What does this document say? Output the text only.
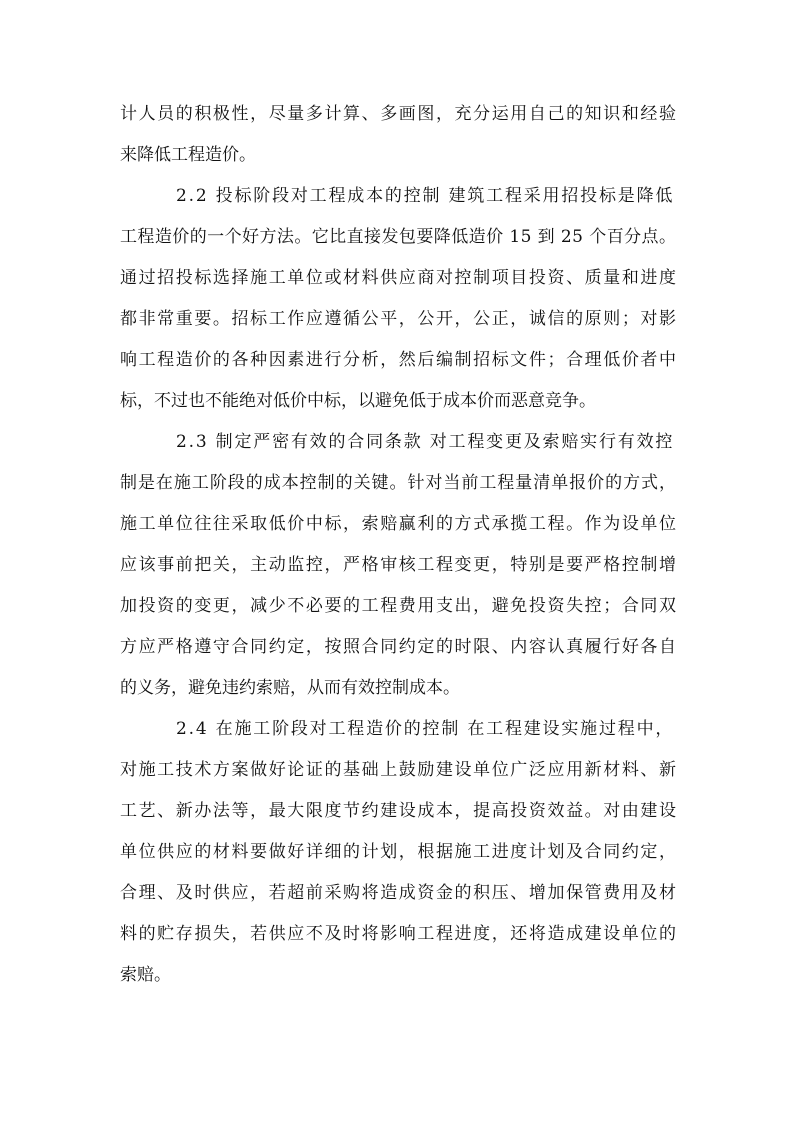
计人员的积极性，尽量多计算、多画图，充分运用自己的知识和经验
来降低工程造价。
2.2 投标阶段对工程成本的控制 建筑工程采用招投标是降低
工程造价的一个好方法。它比直接发包要降低造价 15 到 25 个百分点。
通过招投标选择施工单位或材料供应商对控制项目投资、质量和进度
都非常重要。招标工作应遵循公平，公开，公正，诚信的原则；对影
响工程造价的各种因素进行分析，然后编制招标文件；合理低价者中
标，不过也不能绝对低价中标，以避免低于成本价而恶意竞争。
2.3 制定严密有效的合同条款 对工程变更及索赔实行有效控
制是在施工阶段的成本控制的关键。针对当前工程量清单报价的方式，
施工单位往往采取低价中标，索赔赢利的方式承揽工程。作为设单位
应该事前把关，主动监控，严格审核工程变更，特别是要严格控制增
加投资的变更，减少不必要的工程费用支出，避免投资失控；合同双
方应严格遵守合同约定，按照合同约定的时限、内容认真履行好各自
的义务，避免违约索赔，从而有效控制成本。
2.4 在施工阶段对工程造价的控制 在工程建设实施过程中，
对施工技术方案做好论证的基础上鼓励建设单位广泛应用新材料、新
工艺、新办法等，最大限度节约建设成本，提高投资效益。对由建设
单位供应的材料要做好详细的计划，根据施工进度计划及合同约定，
合理、及时供应，若超前采购将造成资金的积压、增加保管费用及材
料的贮存损失，若供应不及时将影响工程进度，还将造成建设单位的
索赔。
